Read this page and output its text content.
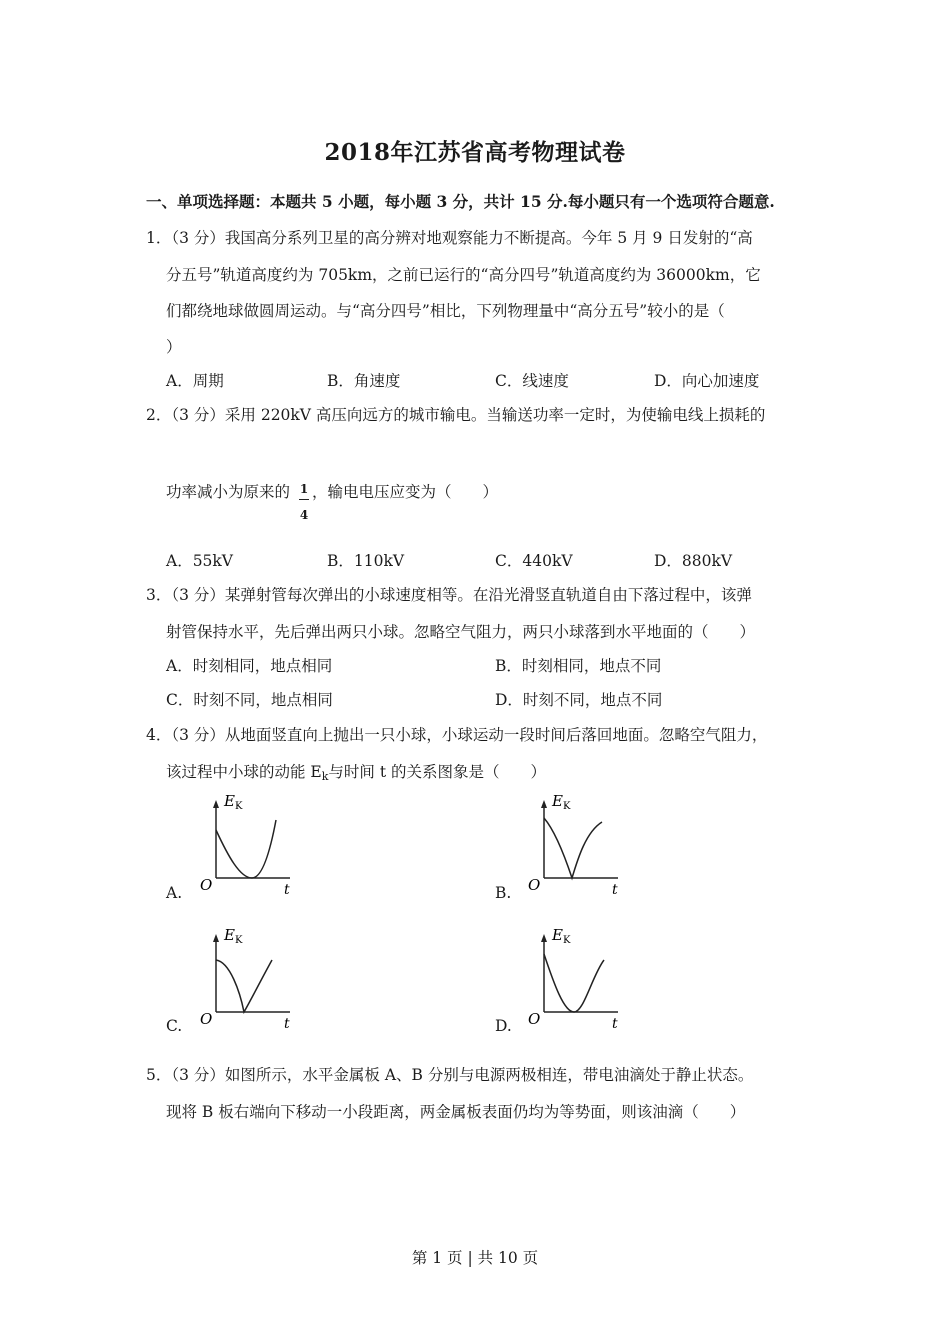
2018年江苏省高考物理试卷
一、单项选择题：本题共 5 小题，每小题 3 分，共计 15 分.每小题只有一个选项符合题意.
1．（3 分）我国高分系列卫星的高分辨对地观察能力不断提高。今年 5 月 9 日发射的“高
分五号”轨道高度约为 705km，之前已运行的“高分四号”轨道高度约为 36000km，它
们都绕地球做圆周运动。与“高分四号”相比，下列物理量中“高分五号”较小的是（
）
A．周期	B．角速度	C．线速度	D．向心加速度
2．（3 分）采用 220kV 高压向远方的城市输电。当输送功率一定时，为使输电线上损耗的
功率减小为原来的 1
4
，输电电压应变为（　　）
A．55kV	B．110kV	C．440kV	D．880kV
3．（3 分）某弹射管每次弹出的小球速度相等。在沿光滑竖直轨道自由下落过程中，该弹
射管保持水平，先后弹出两只小球。忽略空气阻力，两只小球落到水平地面的（　　）
A．时刻相同，地点相同	B．时刻相同，地点不同
C．时刻不同，地点相同	D．时刻不同，地点不同
4．（3 分）从地面竖直向上抛出一只小球，小球运动一段时间后落回地面。忽略空气阻力，
该过程中小球的动能 $E_k$与时间 t 的关系图象是（　　）
A.	B.
C.	D.
$E_K$
O	t
$E_K$
O	t
$E_K$
O	t
$E_K$
O	t
5．（3 分）如图所示，水平金属板 A、B 分别与电源两极相连，带电油滴处于静止状态。
现将 B 板右端向下移动一小段距离，两金属板表面仍均为等势面，则该油滴（　　）
第 1 页 | 共 10 页
